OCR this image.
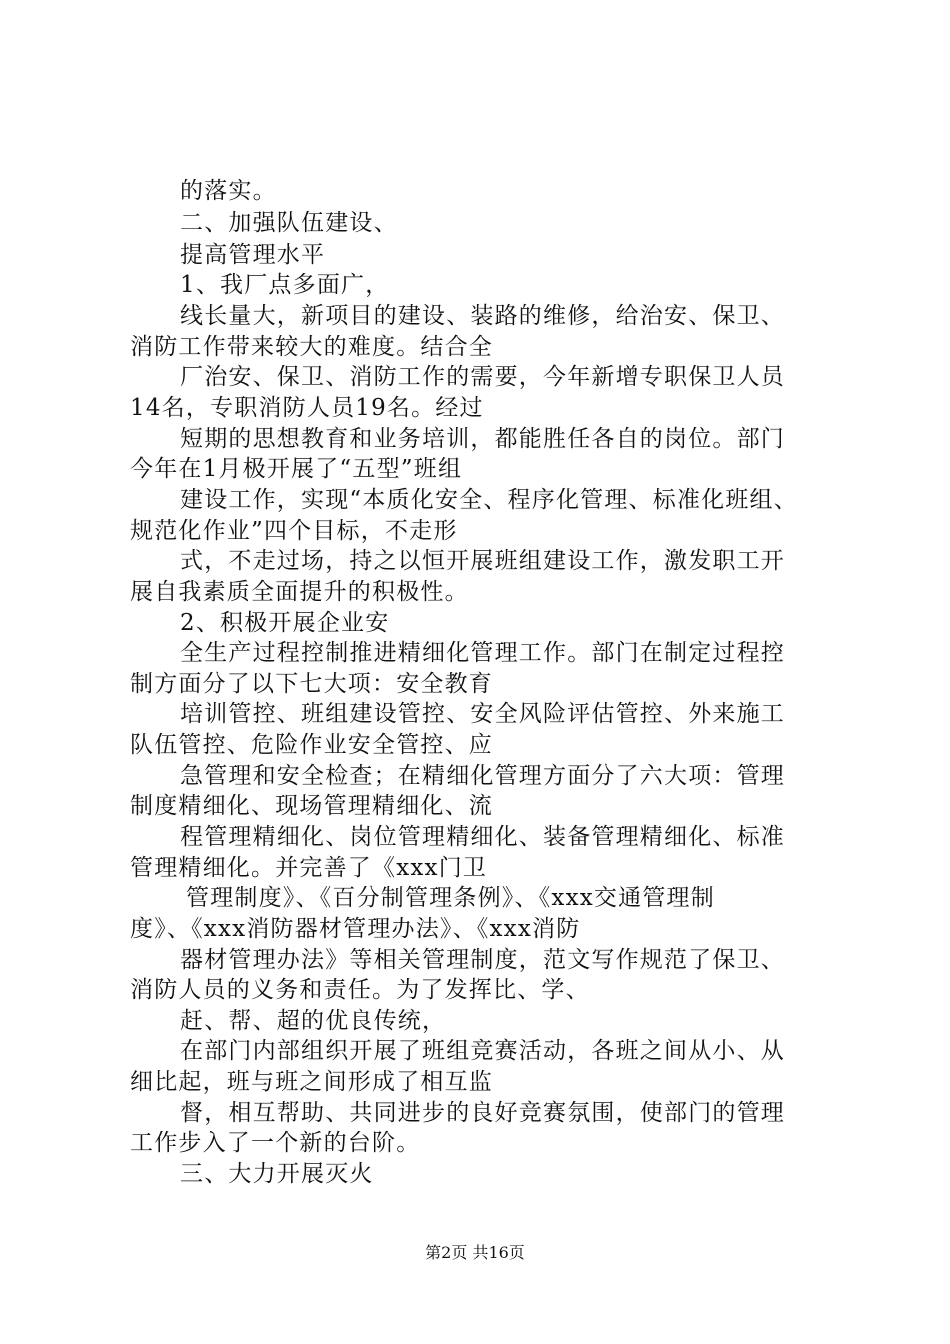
的落实。
二、加强队伍建设、
提高管理水平
1、我厂点多面广，
线长量大，新项目的建设、装路的维修，给治安、保卫、
消防工作带来较大的难度。结合全
厂治安、保卫、消防工作的需要，今年新增专职保卫人员
14名，专职消防人员19名。经过
短期的思想教育和业务培训，都能胜任各自的岗位。部门
今年在1月极开展了“五型”班组
建设工作，实现“本质化安全、程序化管理、标准化班组、
规范化作业”四个目标，不走形
式，不走过场，持之以恒开展班组建设工作，激发职工开
展自我素质全面提升的积极性。
2、积极开展企业安
全生产过程控制推进精细化管理工作。部门在制定过程控
制方面分了以下七大项：安全教育
培训管控、班组建设管控、安全风险评估管控、外来施工
队伍管控、危险作业安全管控、应
急管理和安全检查；在精细化管理方面分了六大项：管理
制度精细化、现场管理精细化、流
程管理精细化、岗位管理精细化、装备管理精细化、标准
管理精细化。并完善了《xxx门卫
管理制度》、《百分制管理条例》、《xxx交通管理制
度》、《xxx消防器材管理办法》、《xxx消防
器材管理办法》等相关管理制度，范文写作规范了保卫、
消防人员的义务和责任。为了发挥比、学、
赶、帮、超的优良传统，
在部门内部组织开展了班组竞赛活动，各班之间从小、从
细比起，班与班之间形成了相互监
督，相互帮助、共同进步的良好竞赛氛围，使部门的管理
工作步入了一个新的台阶。
三、大力开展灭火
第2页 共16页
